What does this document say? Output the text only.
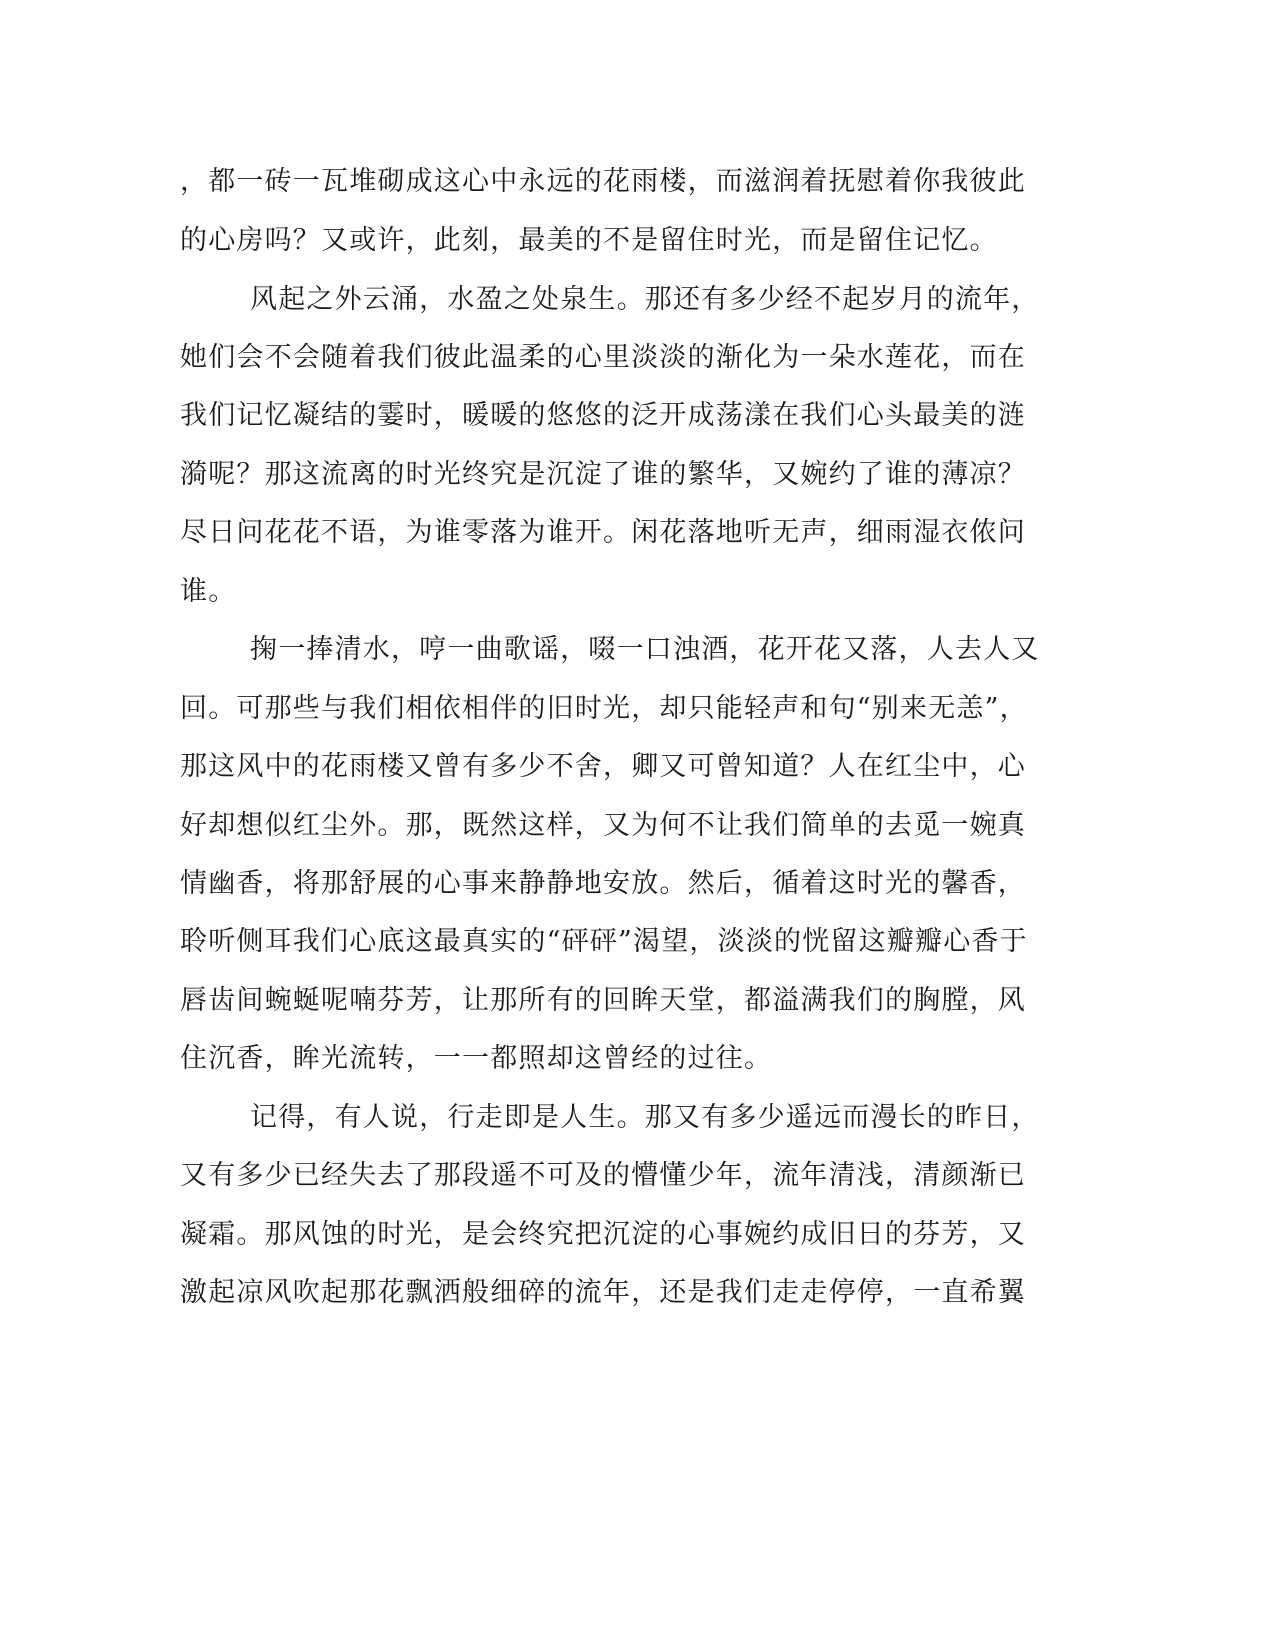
，都一砖一瓦堆砌成这心中永远的花雨楼，而滋润着抚慰着你我彼此

的心房吗？又或许，此刻，最美的不是留住时光，而是留住记忆。

风起之外云涌，水盈之处泉生。那还有多少经不起岁月的流年，

她们会不会随着我们彼此温柔的心里淡淡的渐化为一朵水莲花，而在

我们记忆凝结的霎时，暖暖的悠悠的泛开成荡漾在我们心头最美的涟

漪呢？那这流离的时光终究是沉淀了谁的繁华，又婉约了谁的薄凉？

尽日问花花不语，为谁零落为谁开。闲花落地听无声，细雨湿衣侬问

谁。

掬一捧清水，哼一曲歌谣，啜一口浊酒，花开花又落，人去人又

回。可那些与我们相依相伴的旧时光，却只能轻声和句“别来无恙”，

那这风中的花雨楼又曾有多少不舍，卿又可曾知道？人在红尘中，心

好却想似红尘外。那，既然这样，又为何不让我们简单的去觅一婉真

情幽香，将那舒展的心事来静静地安放。然后，循着这时光的馨香，

聆听侧耳我们心底这最真实的“砰砰”渴望，淡淡的恍留这瓣瓣心香于

唇齿间蜿蜒呢喃芬芳，让那所有的回眸天堂，都溢满我们的胸膛，风

住沉香，眸光流转，一一都照却这曾经的过往。

记得，有人说，行走即是人生。那又有多少遥远而漫长的昨日，

又有多少已经失去了那段遥不可及的懵懂少年，流年清浅，清颜渐已

凝霜。那风蚀的时光，是会终究把沉淀的心事婉约成旧日的芬芳，又

激起凉风吹起那花飘洒般细碎的流年，还是我们走走停停，一直希翼
